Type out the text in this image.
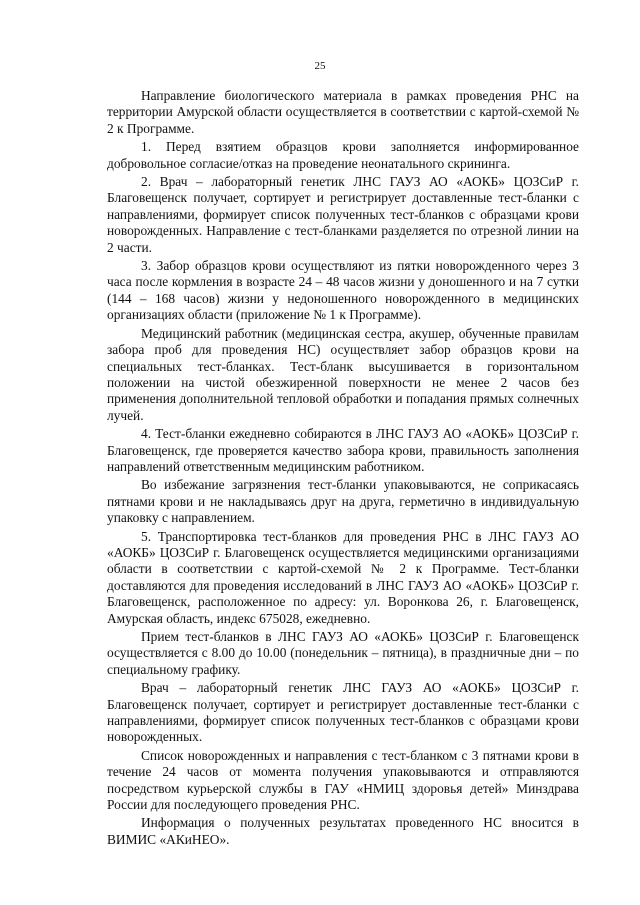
25

Направление биологического материала в рамках проведения РНС на территории Амурской области осуществляется в соответствии с картой-схемой № 2 к Программе.

1. Перед взятием образцов крови заполняется информированное добровольное согласие/отказ на проведение неонатального скрининга.

2. Врач – лабораторный генетик ЛНС ГАУЗ АО «АОКБ» ЦОЗСиР г. Благовещенск получает, сортирует и регистрирует доставленные тест-бланки с направлениями, формирует список полученных тест-бланков с образцами крови новорожденных. Направление с тест-бланками разделяется по отрезной линии на 2 части.

3. Забор образцов крови осуществляют из пятки новорожденного через 3 часа после кормления в возрасте 24 – 48 часов жизни у доношенного и на 7 сутки (144 – 168 часов) жизни у недоношенного новорожденного в медицинских организациях области (приложение № 1 к Программе).

Медицинский работник (медицинская сестра, акушер, обученные правилам забора проб для проведения НС) осуществляет забор образцов крови на специальных тест-бланках. Тест-бланк высушивается в горизонтальном положении на чистой обезжиренной поверхности не менее 2 часов без применения дополнительной тепловой обработки и попадания прямых солнечных лучей.

4. Тест-бланки ежедневно собираются в ЛНС ГАУЗ АО «АОКБ» ЦОЗСиР г. Благовещенск, где проверяется качество забора крови, правильность заполнения направлений ответственным медицинским работником.

Во избежание загрязнения тест-бланки упаковываются, не соприкасаясь пятнами крови и не накладываясь друг на друга, герметично в индивидуальную упаковку с направлением.

5. Транспортировка тест-бланков для проведения РНС в ЛНС ГАУЗ АО «АОКБ» ЦОЗСиР г. Благовещенск осуществляется медицинскими организациями области в соответствии с картой-схемой № 2 к Программе. Тест-бланки доставляются для проведения исследований в ЛНС ГАУЗ АО «АОКБ» ЦОЗСиР г. Благовещенск, расположенное по адресу: ул. Воронкова 26, г. Благовещенск, Амурская область, индекс 675028, ежедневно.

Прием тест-бланков в ЛНС ГАУЗ АО «АОКБ» ЦОЗСиР г. Благовещенск осуществляется с 8.00 до 10.00 (понедельник – пятница), в праздничные дни – по специальному графику.

Врач – лабораторный генетик ЛНС ГАУЗ АО «АОКБ» ЦОЗСиР г. Благовещенск получает, сортирует и регистрирует доставленные тест-бланки с направлениями, формирует список полученных тест-бланков с образцами крови новорожденных.

Список новорожденных и направления с тест-бланком с 3 пятнами крови в течение 24 часов от момента получения упаковываются и отправляются посредством курьерской службы в ГАУ «НМИЦ здоровья детей» Минздрава России для последующего проведения РНС.

Информация о полученных результатах проведенного НС вносится в ВИМИС «АКиНЕО».
